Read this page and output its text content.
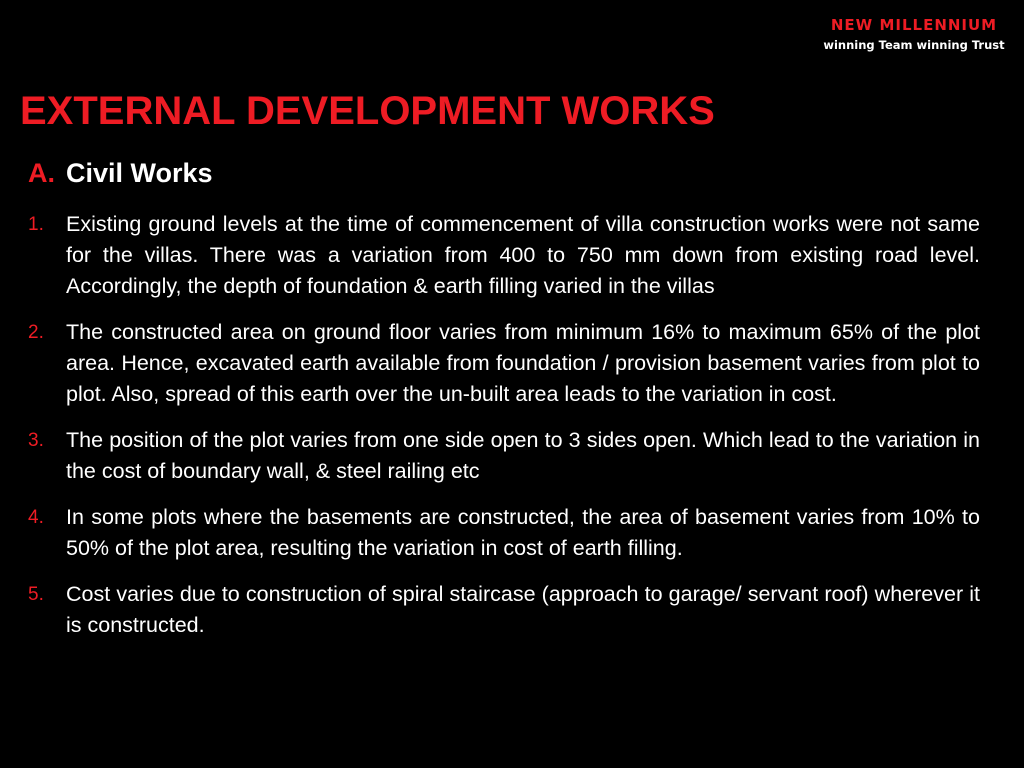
NEW MILLENNIUM
winning Team winning Trust
EXTERNAL DEVELOPMENT WORKS
A. Civil Works
1.	Existing ground levels at the time of commencement of villa construction works were not same for the villas. There was a variation from 400 to 750 mm down from existing road level. Accordingly, the depth of foundation & earth filling varied in the villas
2.	The constructed area on ground floor varies from minimum 16% to maximum 65% of the plot area. Hence, excavated earth available from foundation / provision basement varies from plot to plot. Also, spread of this earth over the un-built area leads to the variation in cost.
3.	The position of the plot varies from one side open to 3 sides open. Which lead to the variation in the cost of boundary wall, & steel railing etc
4.	In some plots where the basements are constructed, the area of basement varies from 10% to 50% of the plot area, resulting the variation in cost of earth filling.
5.	Cost varies due to construction of spiral staircase (approach to garage/ servant roof) wherever it is constructed.
